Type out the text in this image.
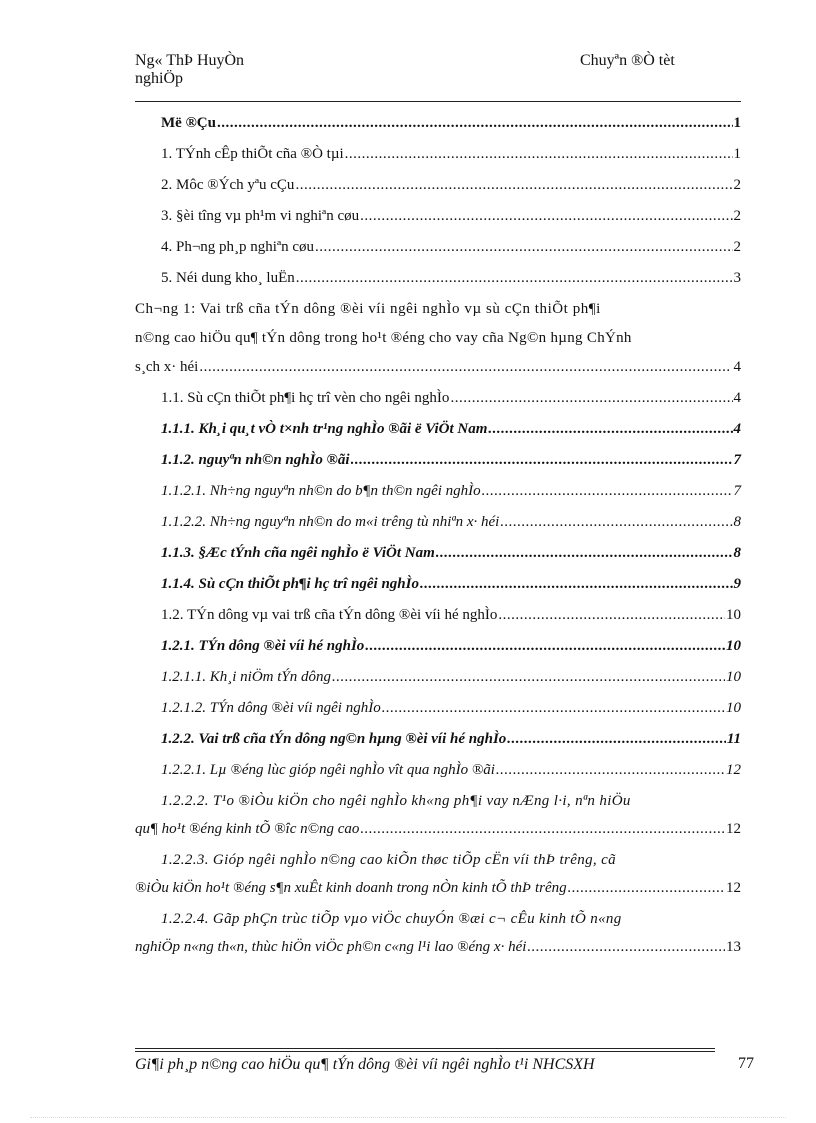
Ng« ThÞ HuyÒn
nghiÖp
Chuyªn ®Ò tèt
Më ®Çu .....	1
1. TÝnh cÊp thiÕt cña ®Ò tµi .....	1
2. Môc ®Ých yªu cÇu .....	2
3. §èi tîng vµ ph¹m vi nghiªn cøu .....	2
4. Ph¬ng ph¸p nghiªn cøu .....	2
5. Néi dung kho¸ luËn .....	3
Ch¬ng 1: Vai trß cña tÝn dông ®èi víi ngêi nghÌo vµ sù cÇn thiÕt ph¶i
n©ng cao hiÖu qu¶ tÝn dông trong ho¹t ®éng cho vay cña Ng©n hµng ChÝnh
s¸ch x· héi .....	4
1.1. Sù cÇn thiÕt ph¶i hç trî vèn cho ngêi nghÌo .....	4
1.1.1. Kh¸i qu¸t vÒ t×nh tr¹ng nghÌo ®ãi ë ViÖt Nam .....	4
1.1.2. nguyªn nh©n nghÌo ®ãi .....	7
1.1.2.1. Nh÷ng nguyªn nh©n do b¶n th©n ngêi nghÌo .....	7
1.1.2.2. Nh÷ng nguyªn nh©n do m«i trêng tù nhiªn x· héi .....	8
1.1.3. §Æc tÝnh cña ngêi nghÌo ë ViÖt Nam .....	8
1.1.4. Sù cÇn thiÕt ph¶i hç trî ngêi nghÌo .....	9
1.2. TÝn dông vµ vai trß cña tÝn dông ®èi víi hé nghÌo .....	10
1.2.1. TÝn dông ®èi víi hé nghÌo .....	10
1.2.1.1. Kh¸i niÖm tÝn dông .....	10
1.2.1.2. TÝn dông ®èi víi ngêi nghÌo .....	10
1.2.2. Vai trß cña tÝn dông ng©n hµng ®èi víi hé nghÌo .....	11
1.2.2.1. Lµ ®éng lùc gióp ngêi nghÌo vît qua nghÌo ®ãi .....	12
1.2.2.2. T¹o ®iÒu kiÖn cho ngêi nghÌo kh«ng ph¶i vay nÆng l·i, nªn hiÖu
qu¶ ho¹t ®éng kinh tÕ ®îc n©ng cao .....	12
1.2.2.3. Gióp ngêi nghÌo n©ng cao kiÕn thøc tiÕp cËn víi thÞ trêng, cã
®iÒu kiÖn ho¹t ®éng s¶n xuÊt kinh doanh trong nÒn kinh tÕ thÞ trêng .....	12
1.2.2.4. Gãp phÇn trùc tiÕp vµo viÖc chuyÓn ®æi c¬ cÊu kinh tÕ n«ng
nghiÖp n«ng th«n, thùc hiÖn viÖc ph©n c«ng l¹i lao ®éng x· héi .....	13
Gi¶i ph¸p n©ng cao hiÖu qu¶ tÝn dông ®èi víi ngêi nghÌo t¹i NHCSXH	77
